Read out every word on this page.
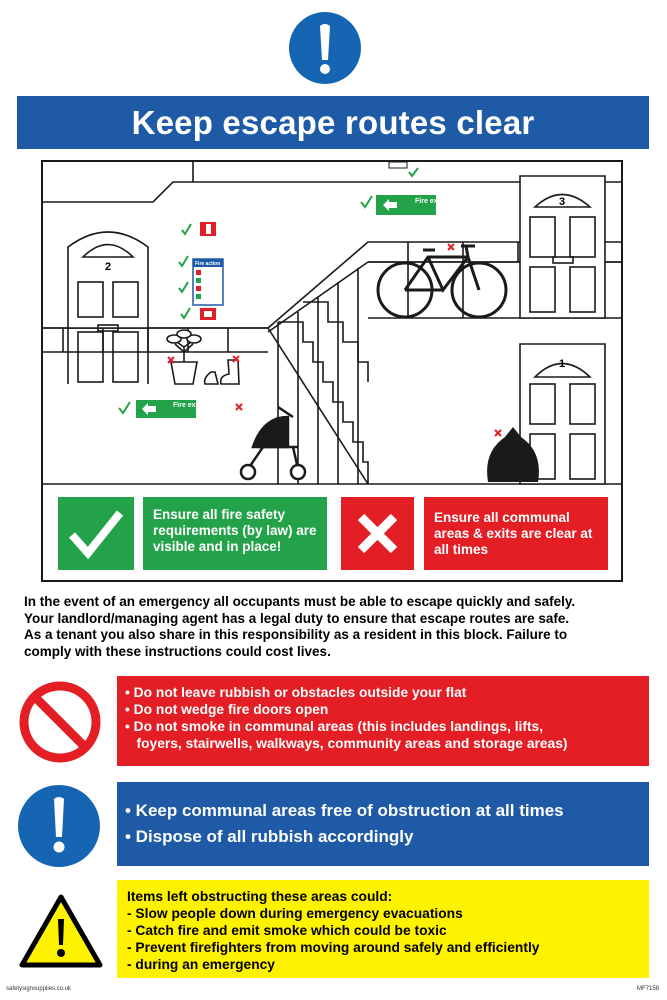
Keep escape routes clear
2
3
1
Fire exit
Fire action
Fire exit
Ensure all fire safety requirements (by law) are visible and in place!
Ensure all communal areas & exits are clear at all times
In the event of an emergency all occupants must be able to escape quickly and safely.
Your landlord/managing agent has a legal duty to ensure that escape routes are safe.
As a tenant you also share in this responsibility as a resident in this block. Failure to
comply with these instructions could cost lives.
• Do not leave rubbish or obstacles outside your flat
• Do not wedge fire doors open
• Do not smoke in communal areas (this includes landings, lifts,
foyers, stairwells, walkways, community areas and storage areas)
• Keep communal areas free of obstruction at all times
• Dispose of all rubbish accordingly
Items left obstructing these areas could:
- Slow people down during emergency evacuations
- Catch fire and emit smoke which could be toxic
- Prevent firefighters from moving around safely and efficiently
- during an emergency
safetysignsupplies.co.uk	MF7158
